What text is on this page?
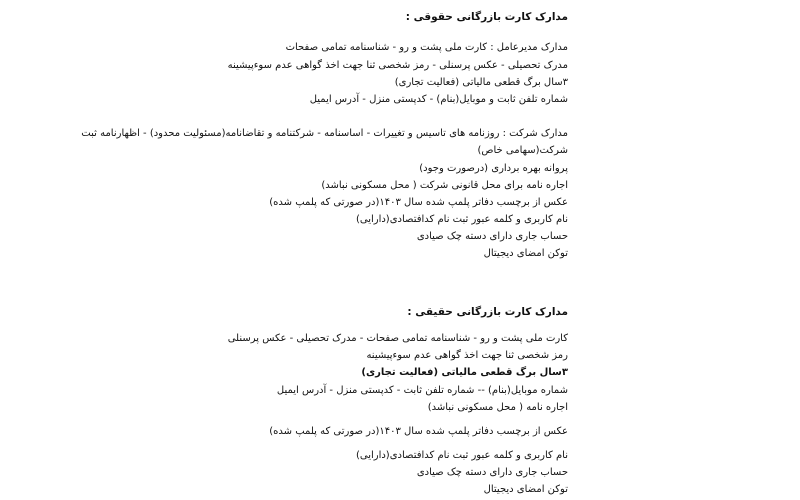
مدارک کارت بازرگانی حقوقی :
مدارک مدیرعامل : کارت ملی پشت و رو - شناسنامه تمامی صفحات
مدرک تحصیلی - عکس پرسنلی - رمز شخصی ثنا جهت اخذ گواهی عدم سوءپیشینه
۳سال برگ قطعی مالیاتی (فعالیت تجاری)
شماره تلفن ثابت و موبایل(بنام) - کدپستی منزل - آدرس ایمیل
مدارک شرکت : روزنامه های تاسیس و تغییرات - اساسنامه - شرکتنامه و تقاضانامه(مسئولیت محدود) - اظهارنامه ثبت
شرکت(سهامی خاص)
پروانه بهره برداری (درصورت وجود)
اجاره نامه برای محل قانونی شرکت ( محل مسکونی نباشد)
عکس از برچسب دفاتر پلمپ شده سال ۱۴۰۳(در صورتی که پلمپ شده)
نام کاربری و کلمه عبور ثبت نام کدافتصادی(دارایی)
حساب جاری دارای دسته چک صیادی
توکن امضای دیجیتال
مدارک کارت بازرگانی حقیقی :
کارت ملی پشت و رو - شناسنامه تمامی صفحات - مدرک تحصیلی - عکس پرسنلی
رمز شخصی ثنا جهت اخذ گواهی عدم سوءپیشینه
۳سال برگ قطعی مالیاتی (فعالیت تجاری)
شماره موبایل(بنام) -- شماره تلفن ثابت - کدپستی منزل - آدرس ایمیل
اجاره نامه ( محل مسکونی نباشد)
عکس از برچسب دفاتر پلمپ شده سال ۱۴۰۳(در صورتی که پلمپ شده)
نام کاربری و کلمه عبور ثبت نام کدافتصادی(دارایی)
حساب جاری دارای دسته چک صیادی
توکن امضای دیجیتال
